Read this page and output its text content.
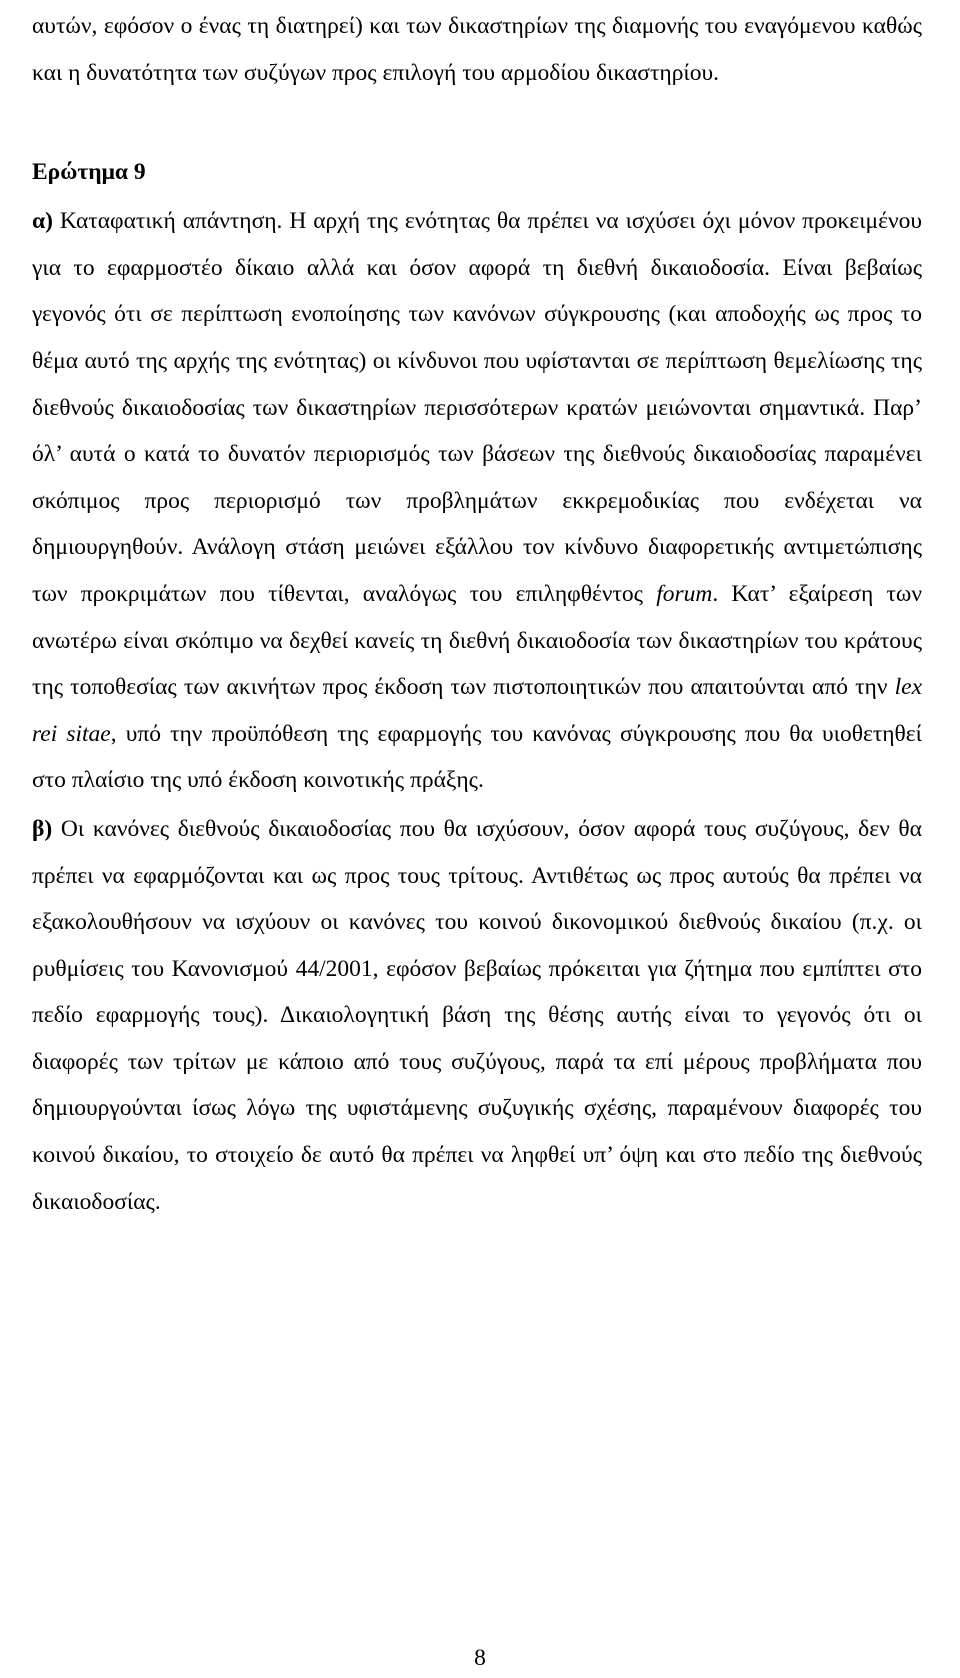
αυτών, εφόσον ο ένας τη διατηρεί) και των δικαστηρίων της διαμονής του εναγόμενου καθώς και η δυνατότητα των συζύγων προς επιλογή του αρμοδίου δικαστηρίου.

Ερώτημα 9

α) Καταφατική απάντηση. Η αρχή της ενότητας θα πρέπει να ισχύσει όχι μόνον προκειμένου για το εφαρμοστέο δίκαιο αλλά και όσον αφορά τη διεθνή δικαιοδοσία. Είναι βεβαίως γεγονός ότι σε περίπτωση ενοποίησης των κανόνων σύγκρουσης (και αποδοχής ως προς το θέμα αυτό της αρχής της ενότητας) οι κίνδυνοι που υφίστανται σε περίπτωση θεμελίωσης της διεθνούς δικαιοδοσίας των δικαστηρίων περισσότερων κρατών μειώνονται σημαντικά. Παρ’ όλ’ αυτά ο κατά το δυνατόν περιορισμός των βάσεων της διεθνούς δικαιοδοσίας παραμένει σκόπιμος προς περιορισμό των προβλημάτων εκκρεμοδικίας που ενδέχεται να δημιουργηθούν. Ανάλογη στάση μειώνει εξάλλου τον κίνδυνο διαφορετικής αντιμετώπισης των προκριμάτων που τίθενται, αναλόγως του επιληφθέντος forum. Κατ’ εξαίρεση των ανωτέρω είναι σκόπιμο να δεχθεί κανείς τη διεθνή δικαιοδοσία των δικαστηρίων του κράτους της τοποθεσίας των ακινήτων προς έκδοση των πιστοποιητικών που απαιτούνται από την lex rei sitae, υπό την προϋπόθεση της εφαρμογής του κανόνας σύγκρουσης που θα υιοθετηθεί στο πλαίσιο της υπό έκδοση κοινοτικής πράξης.

β) Οι κανόνες διεθνούς δικαιοδοσίας που θα ισχύσουν, όσον αφορά τους συζύγους, δεν θα πρέπει να εφαρμόζονται και ως προς τους τρίτους. Αντιθέτως ως προς αυτούς θα πρέπει να εξακολουθήσουν να ισχύουν οι κανόνες του κοινού δικονομικού διεθνούς δικαίου (π.χ. οι ρυθμίσεις του Κανονισμού 44/2001, εφόσον βεβαίως πρόκειται για ζήτημα που εμπίπτει στο πεδίο εφαρμογής τους). Δικαιολογητική βάση της θέσης αυτής είναι το γεγονός ότι οι διαφορές των τρίτων με κάποιο από τους συζύγους, παρά τα επί μέρους προβλήματα που δημιουργούνται ίσως λόγω της υφιστάμενης συζυγικής σχέσης, παραμένουν διαφορές του κοινού δικαίου, το στοιχείο δε αυτό θα πρέπει να ληφθεί υπ’ όψη και στο πεδίο της διεθνούς δικαιοδοσίας.

8
